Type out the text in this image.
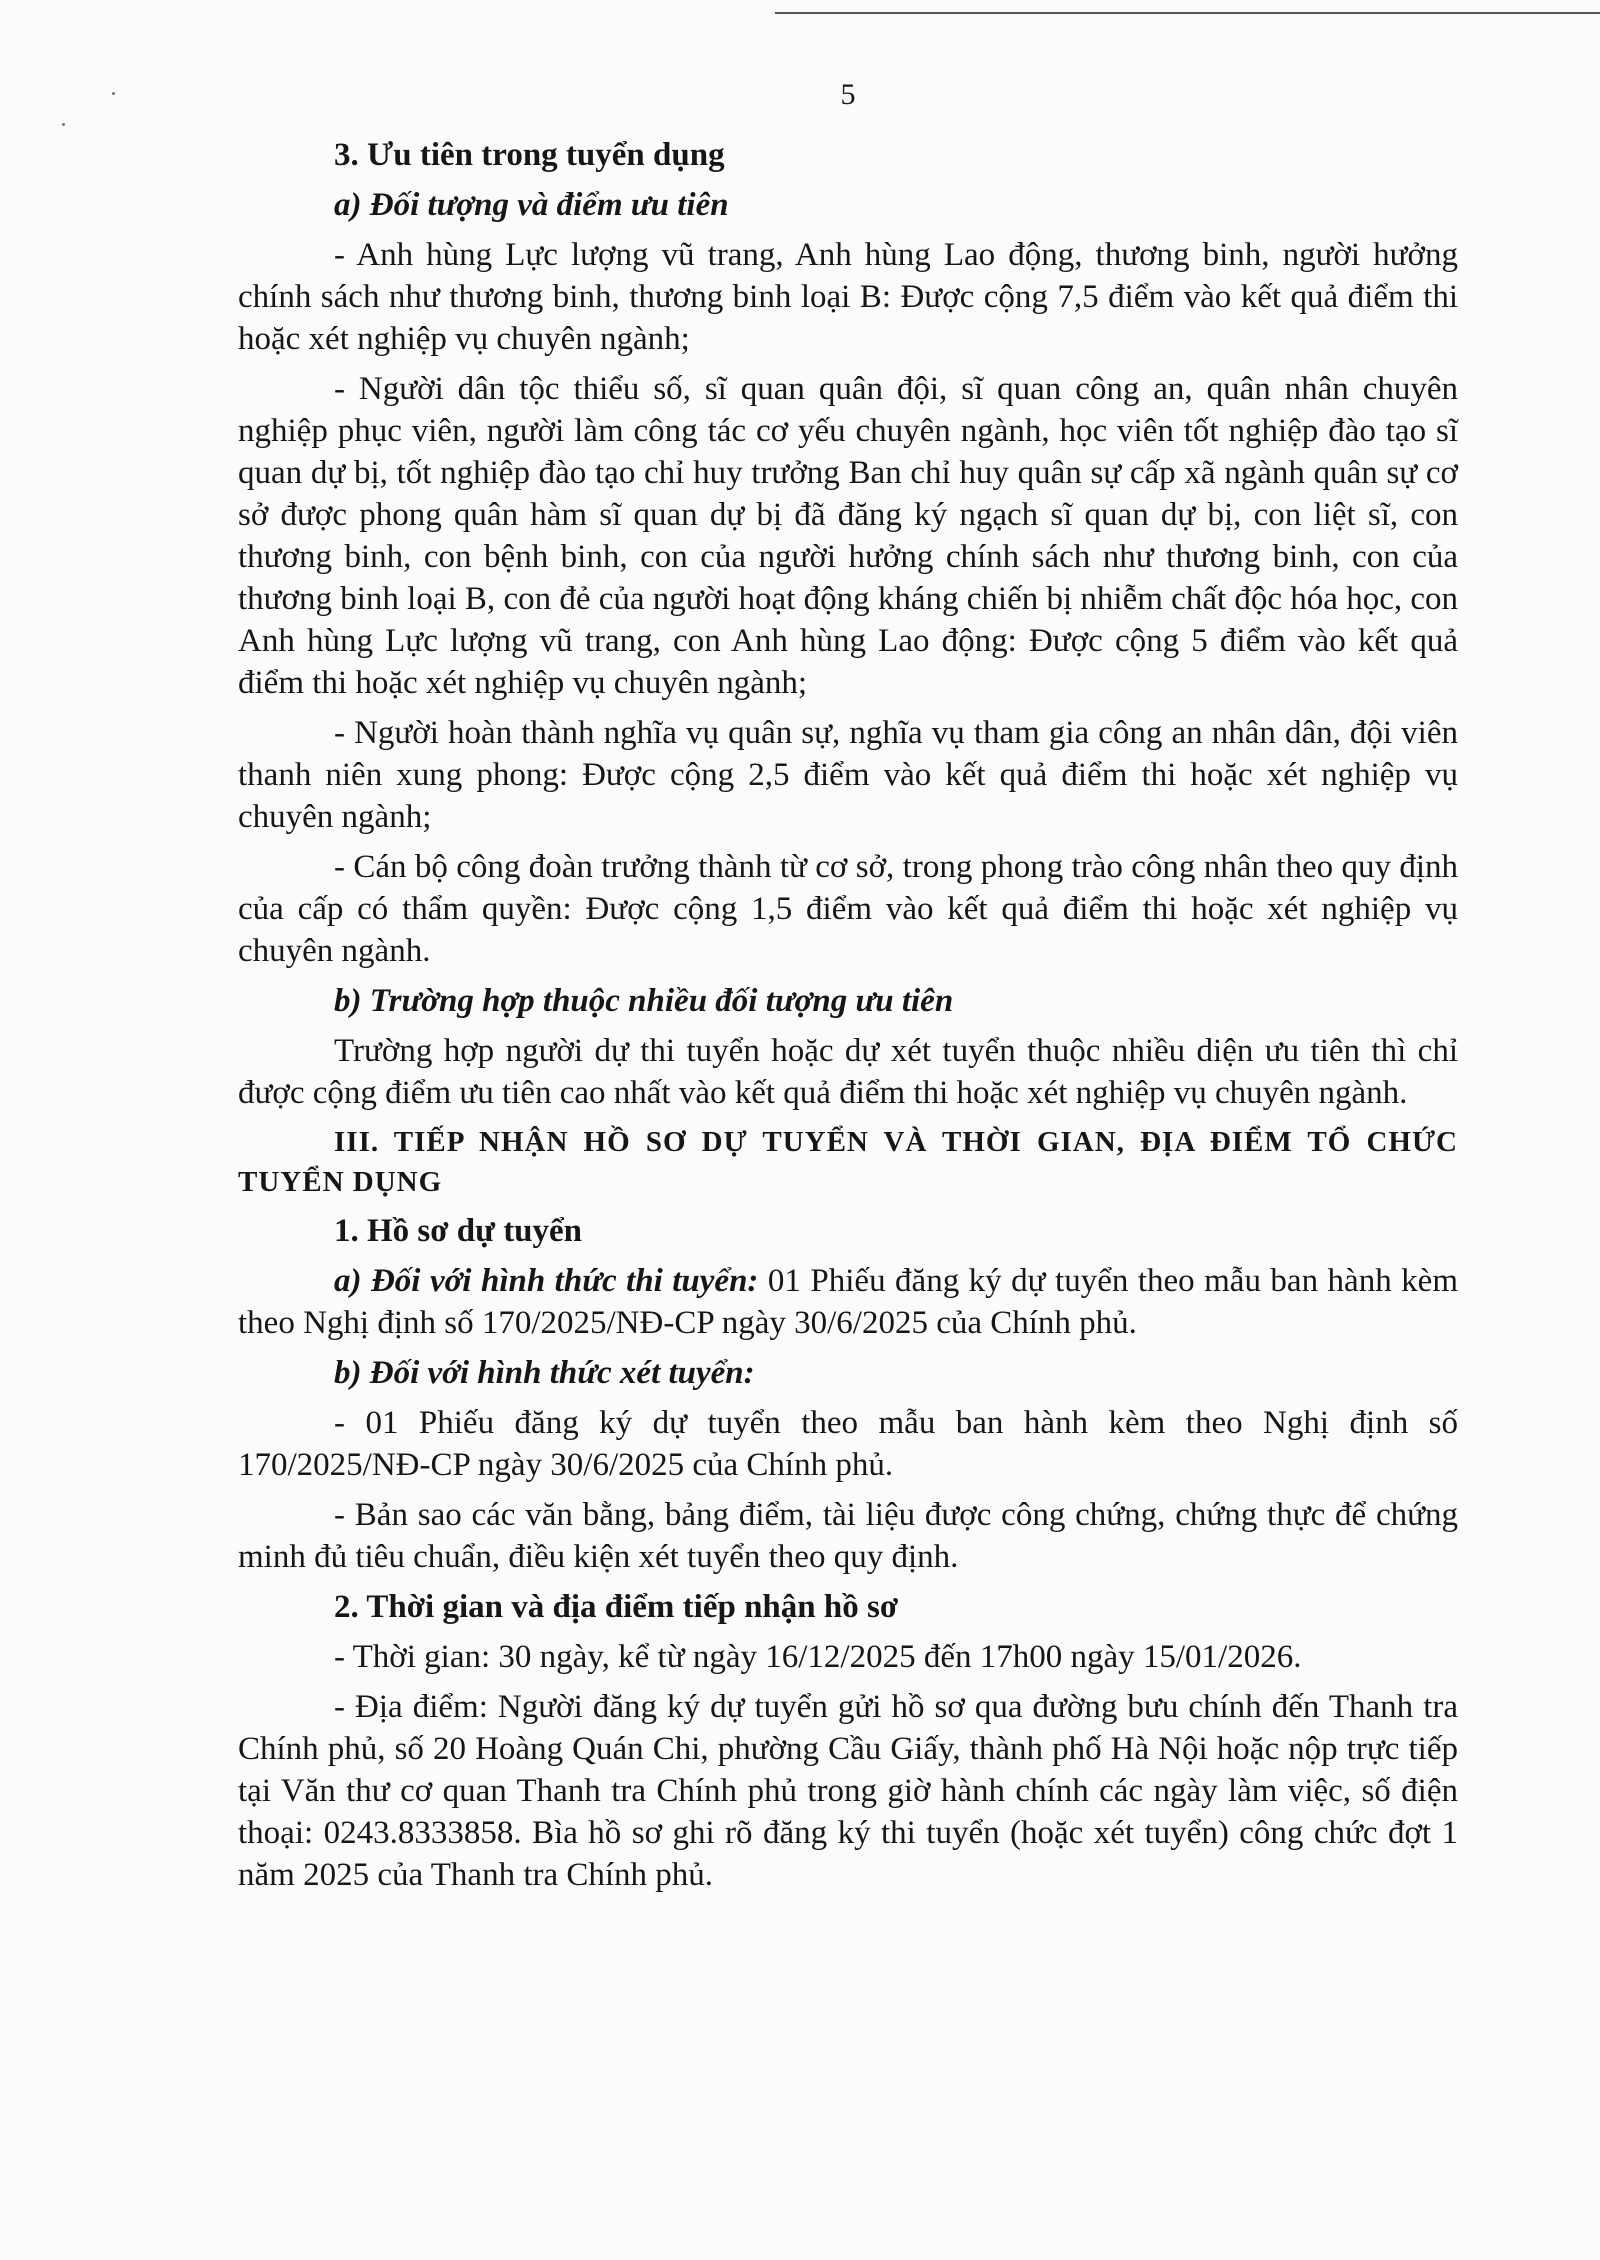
5

3. Ưu tiên trong tuyển dụng

a) Đối tượng và điểm ưu tiên

- Anh hùng Lực lượng vũ trang, Anh hùng Lao động, thương binh, người hưởng chính sách như thương binh, thương binh loại B: Được cộng 7,5 điểm vào kết quả điểm thi hoặc xét nghiệp vụ chuyên ngành;

- Người dân tộc thiểu số, sĩ quan quân đội, sĩ quan công an, quân nhân chuyên nghiệp phục viên, người làm công tác cơ yếu chuyên ngành, học viên tốt nghiệp đào tạo sĩ quan dự bị, tốt nghiệp đào tạo chỉ huy trưởng Ban chỉ huy quân sự cấp xã ngành quân sự cơ sở được phong quân hàm sĩ quan dự bị đã đăng ký ngạch sĩ quan dự bị, con liệt sĩ, con thương binh, con bệnh binh, con của người hưởng chính sách như thương binh, con của thương binh loại B, con đẻ của người hoạt động kháng chiến bị nhiễm chất độc hóa học, con Anh hùng Lực lượng vũ trang, con Anh hùng Lao động: Được cộng 5 điểm vào kết quả điểm thi hoặc xét nghiệp vụ chuyên ngành;

- Người hoàn thành nghĩa vụ quân sự, nghĩa vụ tham gia công an nhân dân, đội viên thanh niên xung phong: Được cộng 2,5 điểm vào kết quả điểm thi hoặc xét nghiệp vụ chuyên ngành;

- Cán bộ công đoàn trưởng thành từ cơ sở, trong phong trào công nhân theo quy định của cấp có thẩm quyền: Được cộng 1,5 điểm vào kết quả điểm thi hoặc xét nghiệp vụ chuyên ngành.

b) Trường hợp thuộc nhiều đối tượng ưu tiên

Trường hợp người dự thi tuyển hoặc dự xét tuyển thuộc nhiều diện ưu tiên thì chỉ được cộng điểm ưu tiên cao nhất vào kết quả điểm thi hoặc xét nghiệp vụ chuyên ngành.

III. TIẾP NHẬN HỒ SƠ DỰ TUYỂN VÀ THỜI GIAN, ĐỊA ĐIỂM TỔ CHỨC TUYỂN DỤNG

1. Hồ sơ dự tuyển

a) Đối với hình thức thi tuyển: 01 Phiếu đăng ký dự tuyển theo mẫu ban hành kèm theo Nghị định số 170/2025/NĐ-CP ngày 30/6/2025 của Chính phủ.

b) Đối với hình thức xét tuyển:

- 01 Phiếu đăng ký dự tuyển theo mẫu ban hành kèm theo Nghị định số 170/2025/NĐ-CP ngày 30/6/2025 của Chính phủ.

- Bản sao các văn bằng, bảng điểm, tài liệu được công chứng, chứng thực để chứng minh đủ tiêu chuẩn, điều kiện xét tuyển theo quy định.

2. Thời gian và địa điểm tiếp nhận hồ sơ

- Thời gian: 30 ngày, kể từ ngày 16/12/2025 đến 17h00 ngày 15/01/2026.

- Địa điểm: Người đăng ký dự tuyển gửi hồ sơ qua đường bưu chính đến Thanh tra Chính phủ, số 20 Hoàng Quán Chi, phường Cầu Giấy, thành phố Hà Nội hoặc nộp trực tiếp tại Văn thư cơ quan Thanh tra Chính phủ trong giờ hành chính các ngày làm việc, số điện thoại: 0243.8333858. Bìa hồ sơ ghi rõ đăng ký thi tuyển (hoặc xét tuyển) công chức đợt 1 năm 2025 của Thanh tra Chính phủ.
